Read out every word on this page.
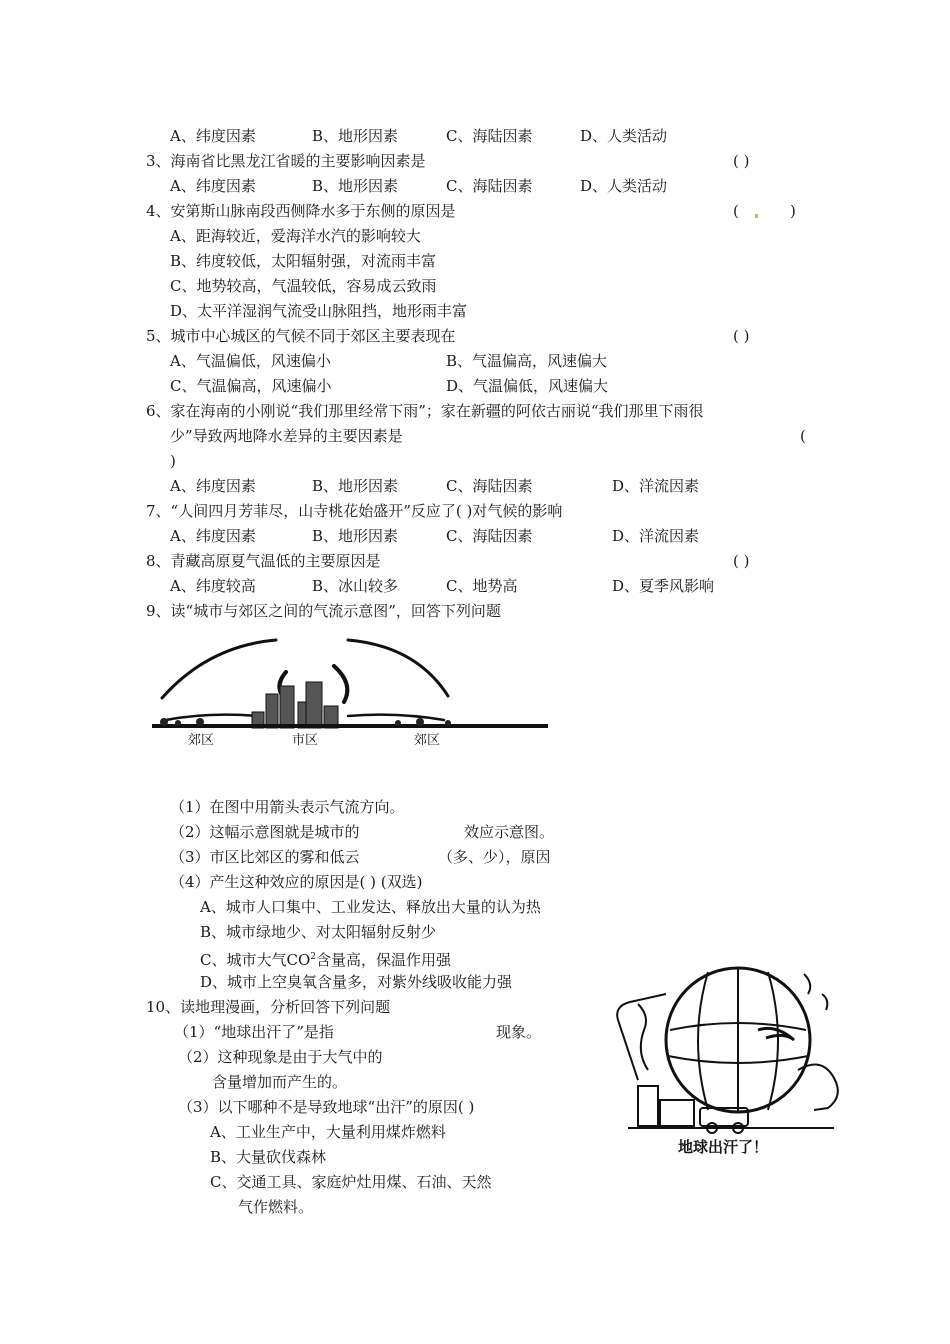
A、纬度因素	B、地形因素	C、海陆因素	D、人类活动
3、海南省比黑龙江省暖的主要影响因素是	( )
A、纬度因素	B、地形因素	C、海陆因素	D、人类活动
4、安第斯山脉南段西侧降水多于东侧的原因是	(	)
A、距海较近，爱海洋水汽的影响较大
B、纬度较低，太阳辐射强，对流雨丰富
C、地势较高，气温较低，容易成云致雨
D、太平洋湿润气流受山脉阻挡，地形雨丰富
5、城市中心城区的气候不同于郊区主要表现在	( )
A、气温偏低，风速偏小	B、气温偏高，风速偏大
C、气温偏高，风速偏小	D、气温偏低，风速偏大
6、家在海南的小刚说“我们那里经常下雨”；家在新疆的阿依古丽说“我们那里下雨很
少”导致两地降水差异的主要因素是	(
)
A、纬度因素	B、地形因素	C、海陆因素	D、洋流因素
7、“人间四月芳菲尽，山寺桃花始盛开”反应了( )对气候的影响
A、纬度因素	B、地形因素	C、海陆因素	D、洋流因素
8、青藏高原夏气温低的主要原因是	( )
A、纬度较高	B、冰山较多	C、地势高	D、夏季风影响
9、读“城市与郊区之间的气流示意图”，回答下列问题
郊区	市区	郊区
（1）在图中用箭头表示气流方向。
（2）这幅示意图就是城市的	效应示意图。
（3）市区比郊区的雾和低云	（多、少），原因
（4）产生这种效应的原因是( ) (双选)
A、城市人口集中、工业发达、释放出大量的认为热
B、城市绿地少、对太阳辐射反射少
C、城市大气$CO^2$含量高，保温作用强
D、城市上空臭氧含量多，对紫外线吸收能力强
10、读地理漫画，分析回答下列问题
（1）“地球出汗了”是指	现象。
（2）这种现象是由于大气中的
含量增加而产生的。
（3）以下哪种不是导致地球“出汗”的原因( )
A、工业生产中，大量利用煤炸燃料
B、大量砍伐森林
C、交通工具、家庭炉灶用煤、石油、天然
气作燃料。
地球出汗了！
